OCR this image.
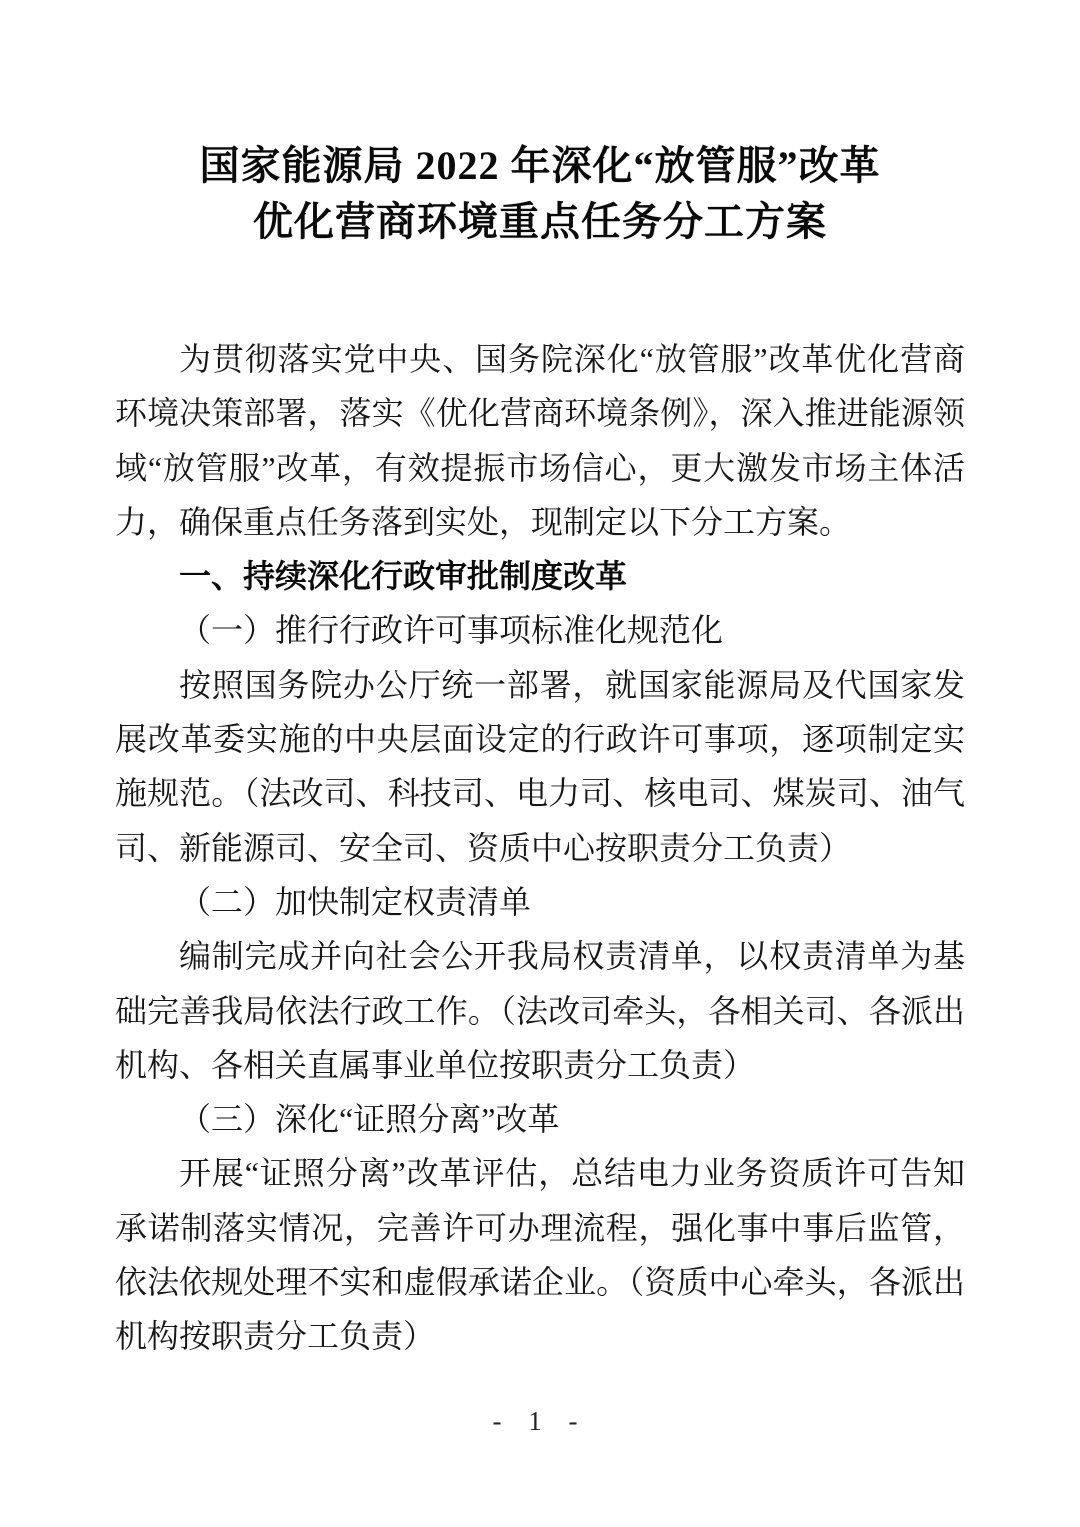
国家能源局 2022 年深化“放管服”改革
优化营商环境重点任务分工方案

为贯彻落实党中央、国务院深化“放管服”改革优化营商环境决策部署，落实《优化营商环境条例》，深入推进能源领域“放管服”改革，有效提振市场信心，更大激发市场主体活力，确保重点任务落到实处，现制定以下分工方案。

一、持续深化行政审批制度改革

（一）推行行政许可事项标准化规范化

按照国务院办公厅统一部署，就国家能源局及代国家发展改革委实施的中央层面设定的行政许可事项，逐项制定实施规范。（法改司、科技司、电力司、核电司、煤炭司、油气司、新能源司、安全司、资质中心按职责分工负责）

（二）加快制定权责清单

编制完成并向社会公开我局权责清单，以权责清单为基础完善我局依法行政工作。（法改司牵头，各相关司、各派出机构、各相关直属事业单位按职责分工负责）

（三）深化“证照分离”改革

开展“证照分离”改革评估，总结电力业务资质许可告知承诺制落实情况，完善许可办理流程，强化事中事后监管，依法依规处理不实和虚假承诺企业。（资质中心牵头，各派出机构按职责分工负责）

- 1 -
